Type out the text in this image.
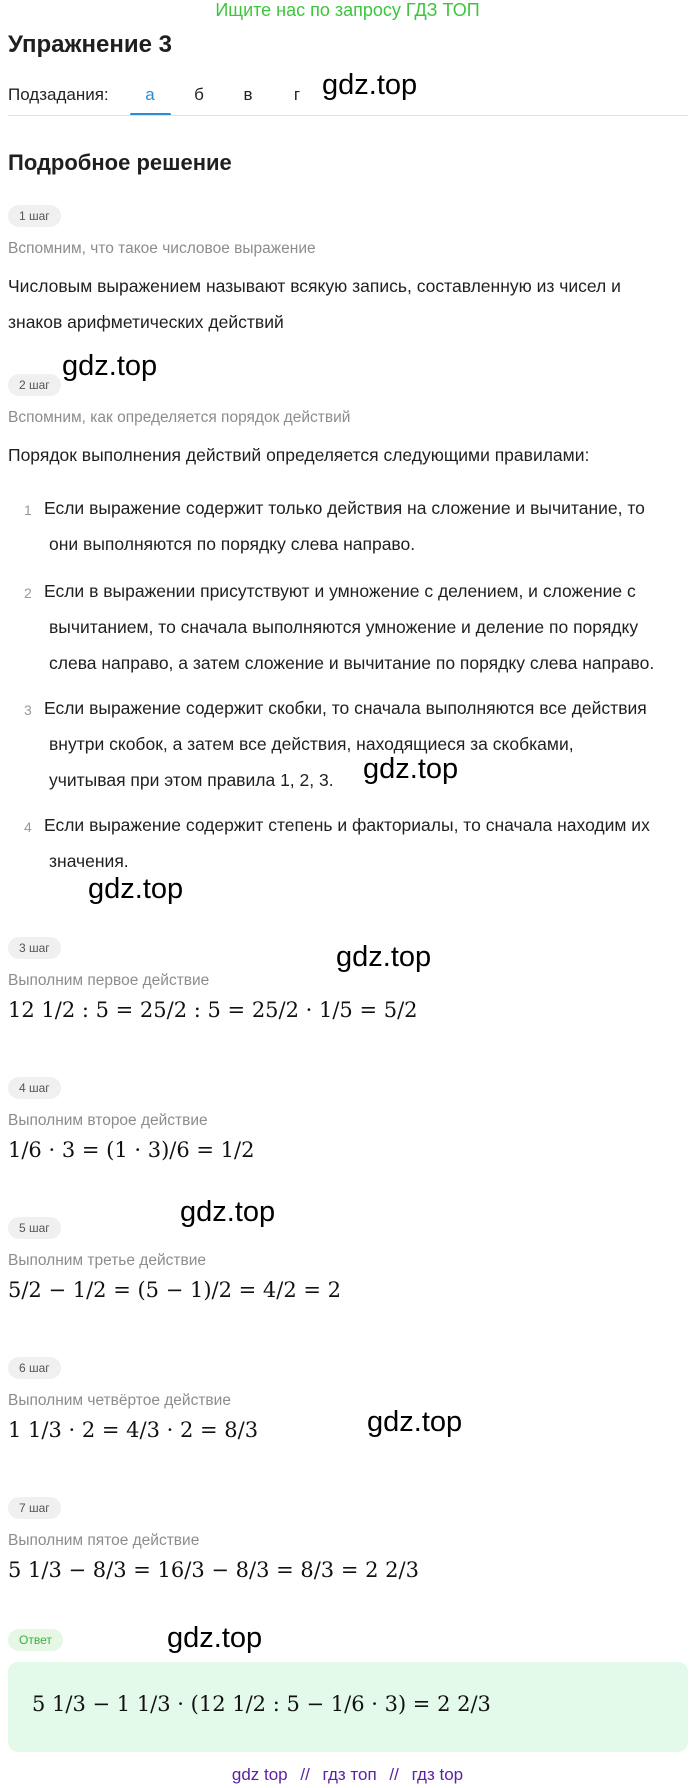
Ищите нас по запросу ГДЗ ТОП
Упражнение 3
Подзадания:	а	б	в	г
Подробное решение
gdz.top
gdz.top
gdz.top
gdz.top
gdz.top
gdz.top
gdz.top
gdz.top
1 шаг
Вспомним, что такое числовое выражение
Числовым выражением называют всякую запись, составленную из чисел и
знаков арифметических действий
2 шаг
Вспомним, как определяется порядок действий
Порядок выполнения действий определяется следующими правилами:
1 Если выражение содержит только действия на сложение и вычитание, то
они выполняются по порядку слева направо.
2 Если в выражении присутствуют и умножение с делением, и сложение с
вычитанием, то сначала выполняются умножение и деление по порядку
слева направо, а затем сложение и вычитание по порядку слева направо.
3 Если выражение содержит скобки, то сначала выполняются все действия
внутри скобок, а затем все действия, находящиеся за скобками,
учитывая при этом правила 1, 2, 3.
4 Если выражение содержит степень и факториалы, то сначала находим их
значения.
3 шаг
Выполним первое действие
12 1/2 : 5 = 25/2 : 5 = 25/2 · 1/5 = 5/2
4 шаг
Выполним второе действие
1/6 · 3 = (1 · 3)/6 = 1/2
5 шаг
Выполним третье действие
5/2 − 1/2 = (5 − 1)/2 = 4/2 = 2
6 шаг
Выполним четвёртое действие
1 1/3 · 2 = 4/3 · 2 = 8/3
7 шаг
Выполним пятое действие
5 1/3 − 8/3 = 16/3 − 8/3 = 8/3 = 2 2/3
Ответ
5 1/3 − 1 1/3 · (12 1/2 : 5 − 1/6 · 3) = 2 2/3
gdz top // гдз топ // гдз top
